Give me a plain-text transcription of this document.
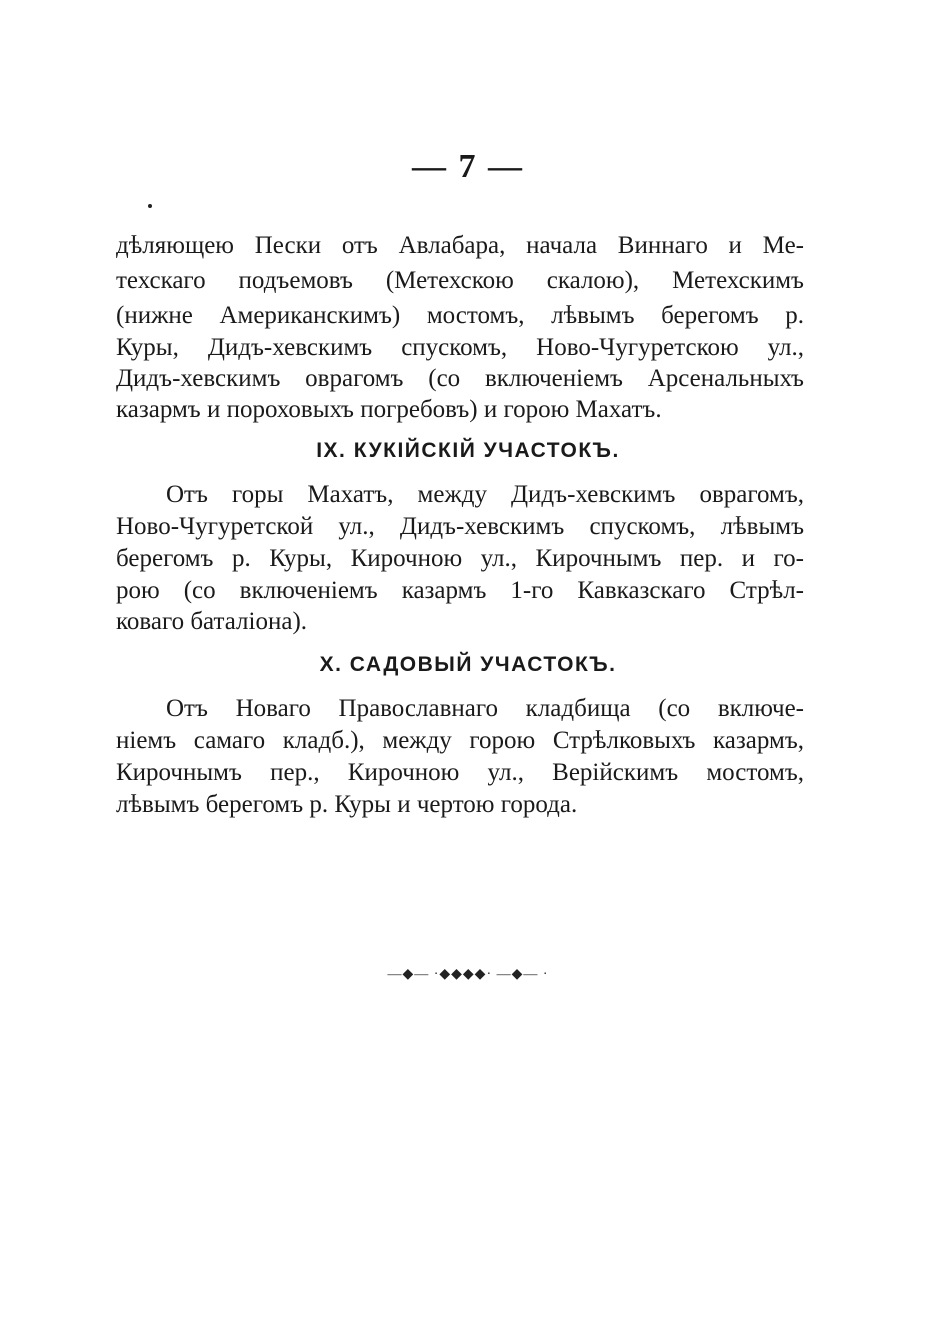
— 7 —
дѣляющею Пески отъ Авлабара, начала Виннаго и Ме-
техскаго подъемовъ (Метехскою скалою), Метехскимъ
(нижне Американскимъ) мостомъ, лѣвымъ берегомъ р.
Куры, Дидъ-хевскимъ спускомъ, Ново-Чугуретскою ул.,
Дидъ-хевскимъ оврагомъ (со включеніемъ Арсенальныхъ
казармъ и пороховыхъ погребовъ) и горою Махатъ.
IX. КУКІЙСКІЙ УЧАСТОКЪ.
Отъ горы Махатъ, между Дидъ-хевскимъ оврагомъ,
Ново-Чугуретской ул., Дидъ-хевскимъ спускомъ, лѣвымъ
берегомъ р. Куры, Кирочною ул., Кирочнымъ пер. и го-
рою (со включеніемъ казармъ 1-го Кавказскаго Стрѣл-
коваго баталіона).
X. САДОВЫЙ УЧАСТОКЪ.
Отъ Новаго Православнаго кладбища (со включе-
ніемъ самаго кладб.), между горою Стрѣлковыхъ казармъ,
Кирочнымъ пер., Кирочною ул., Верійскимъ мостомъ,
лѣвымъ берегомъ р. Куры и чертою города.
—◆— ·◆◆◆◆· —◆— ·
